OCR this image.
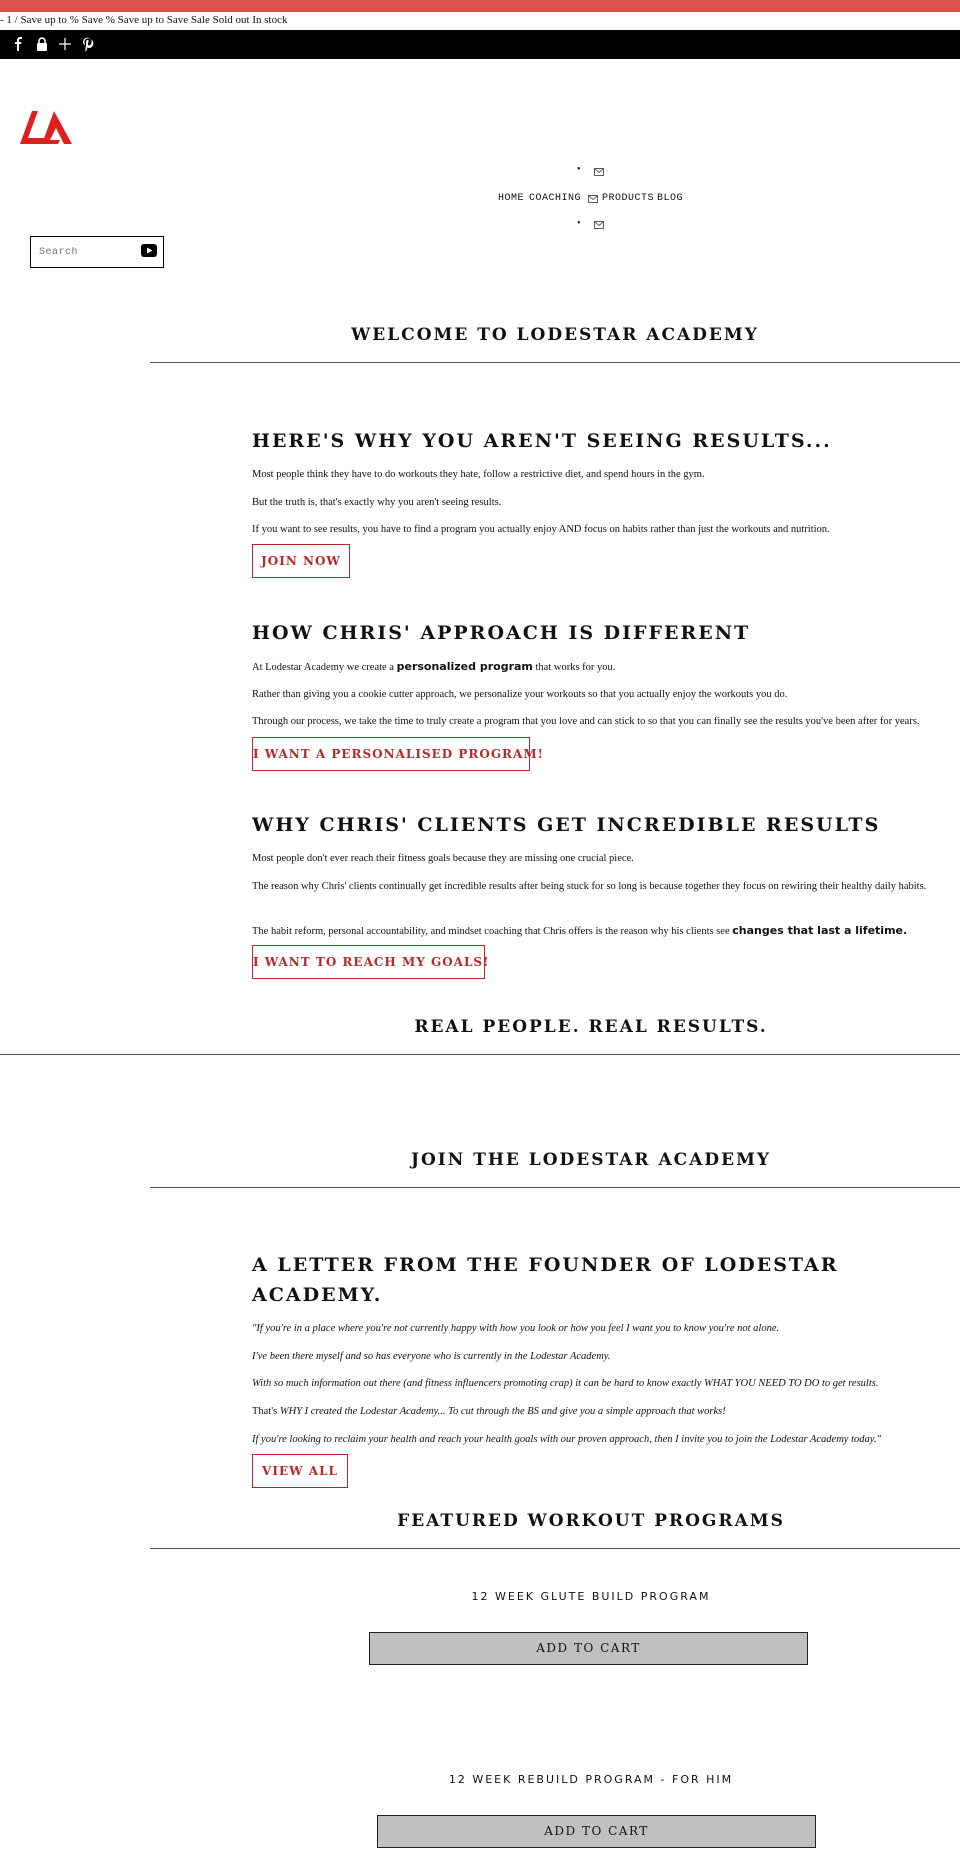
- 1 / Save up to % Save % Save up to Save Sale Sold out In stock
•
HOME COACHING PRODUCTS BLOG
•
Search
WELCOME TO LODESTAR ACADEMY
HERE'S WHY YOU AREN'T SEEING RESULTS...
Most people think they have to do workouts they hate, follow a restrictive diet, and spend hours in the gym.
But the truth is, that's exactly why you aren't seeing results.
If you want to see results, you have to find a program you actually enjoy AND focus on habits rather than just the workouts and nutrition.
JOIN NOW
HOW CHRIS' APPROACH IS DIFFERENT
At Lodestar Academy we create a personalized program that works for you.
Rather than giving you a cookie cutter approach, we personalize your workouts so that you actually enjoy the workouts you do.
Through our process, we take the time to truly create a program that you love and can stick to so that you can finally see the results you've been after for years.
I WANT A PERSONALISED PROGRAM!
WHY CHRIS' CLIENTS GET INCREDIBLE RESULTS
Most people don't ever reach their fitness goals because they are missing one crucial piece.
The reason why Chris' clients continually get incredible results after being stuck for so long is because together they focus on rewiring their healthy daily habits.
The habit reform, personal accountability, and mindset coaching that Chris offers is the reason why his clients see changes that last a lifetime.
I WANT TO REACH MY GOALS!
REAL PEOPLE. REAL RESULTS.
JOIN THE LODESTAR ACADEMY
A LETTER FROM THE FOUNDER OF LODESTAR ACADEMY.
"If you're in a place where you're not currently happy with how you look or how you feel I want you to know you're not alone.
I've been there myself and so has everyone who is currently in the Lodestar Academy.
With so much information out there (and fitness influencers promoting crap) it can be hard to know exactly WHAT YOU NEED TO DO to get results.
That's WHY I created the Lodestar Academy... To cut through the BS and give you a simple approach that works!
If you're looking to reclaim your health and reach your health goals with our proven approach, then I invite you to join the Lodestar Academy today."
VIEW ALL
FEATURED WORKOUT PROGRAMS
12 WEEK GLUTE BUILD PROGRAM
ADD TO CART
12 WEEK REBUILD PROGRAM - FOR HIM
ADD TO CART
